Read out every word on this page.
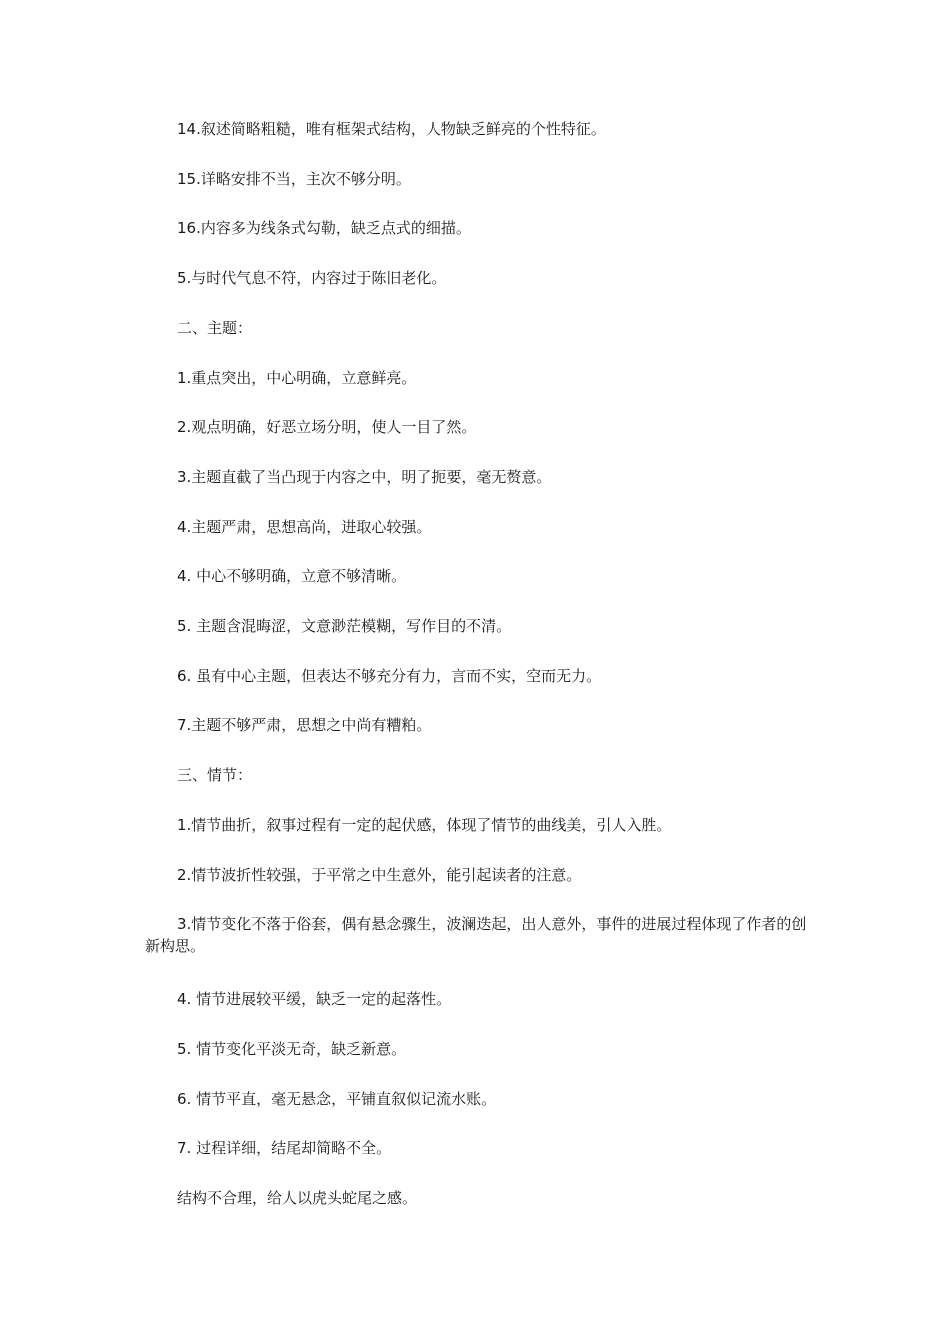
14.叙述简略粗糙，唯有框架式结构，人物缺乏鲜亮的个性特征。

15.详略安排不当，主次不够分明。

16.内容多为线条式勾勒，缺乏点式的细描。

5.与时代气息不符，内容过于陈旧老化。

二、主题：

1.重点突出，中心明确，立意鲜亮。

2.观点明确，好恶立场分明，使人一目了然。

3.主题直截了当凸现于内容之中，明了扼要，毫无赘意。

4.主题严肃，思想高尚，进取心较强。

4. 中心不够明确，立意不够清晰。

5. 主题含混晦涩，文意渺茫模糊，写作目的不清。

6. 虽有中心主题，但表达不够充分有力，言而不实，空而无力。

7.主题不够严肃，思想之中尚有糟粕。

三、情节：

1.情节曲折，叙事过程有一定的起伏感，体现了情节的曲线美，引人入胜。

2.情节波折性较强，于平常之中生意外，能引起读者的注意。

3.情节变化不落于俗套，偶有悬念骤生，波澜迭起，出人意外，事件的进展过程体现了作者的创新构思。

4. 情节进展较平缓，缺乏一定的起落性。

5. 情节变化平淡无奇，缺乏新意。

6. 情节平直，毫无悬念，平铺直叙似记流水账。

7. 过程详细，结尾却简略不全。

结构不合理，给人以虎头蛇尾之感。
